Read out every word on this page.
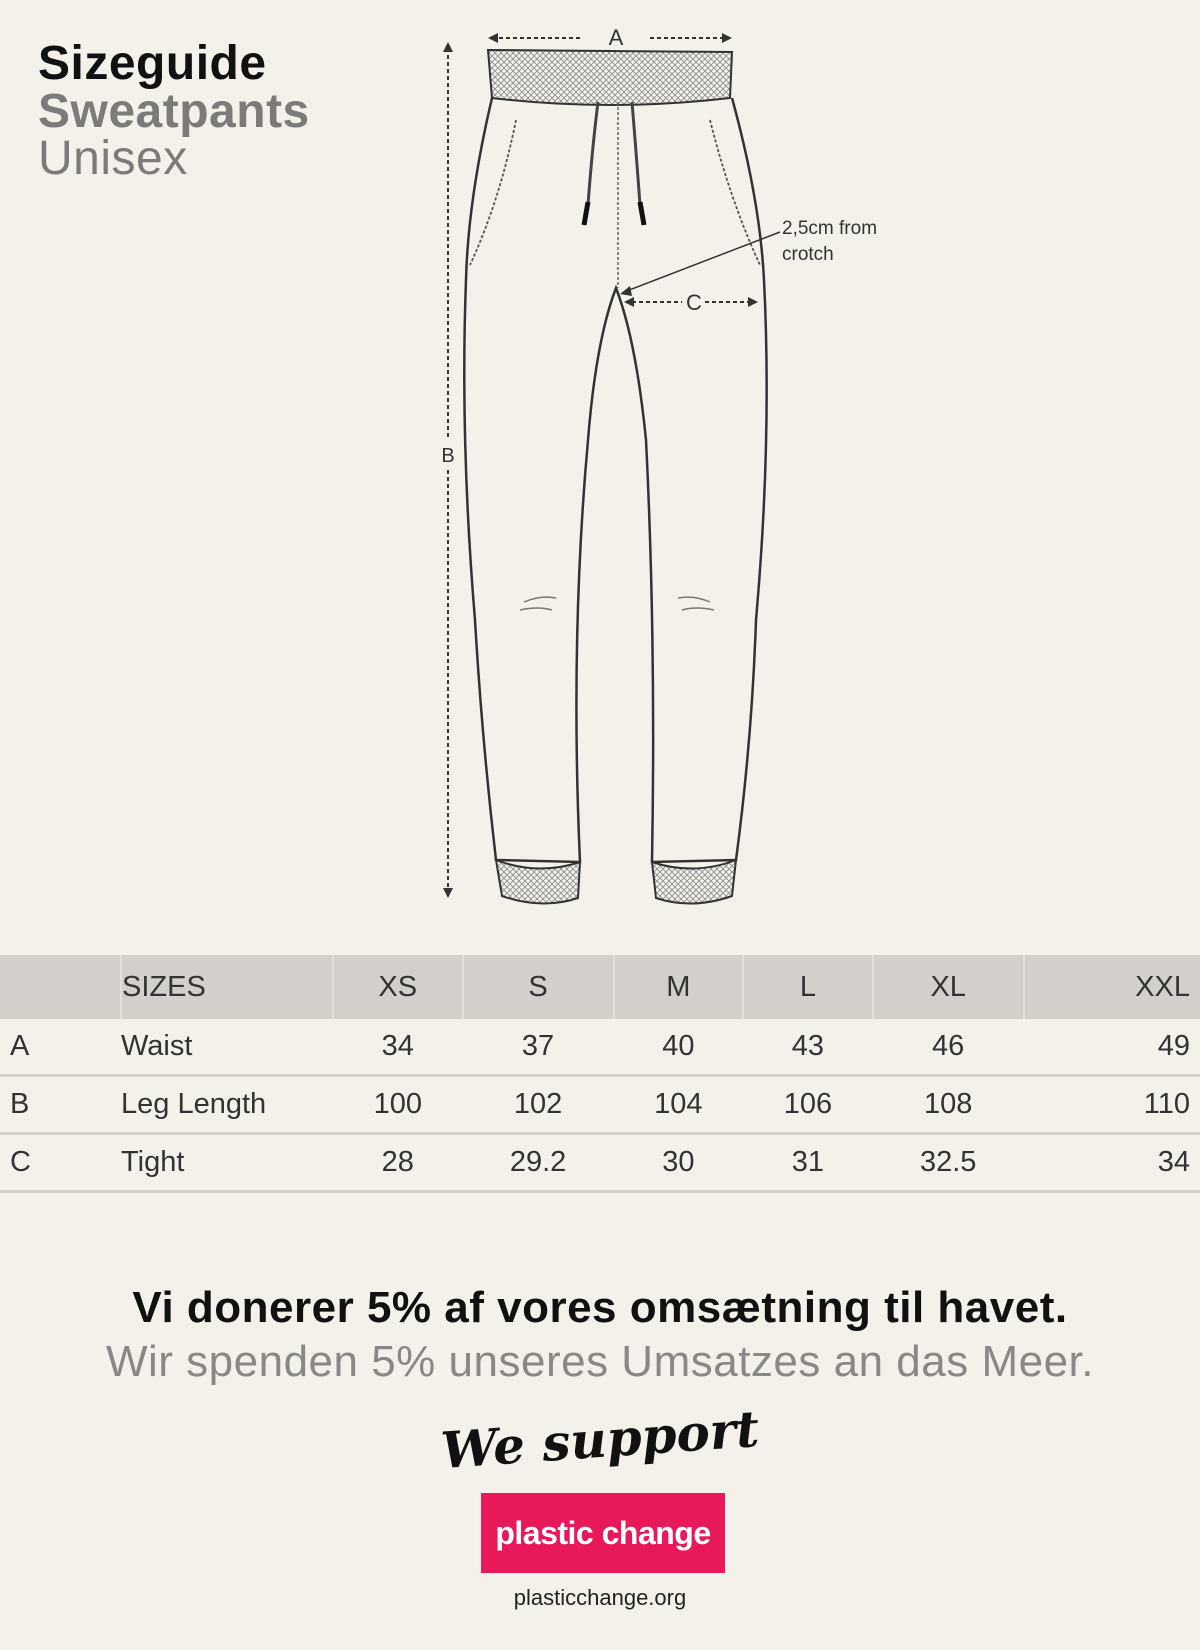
Sizeguide
Sweatpants
Unisex
A
B
C
2,5cm from
crotch
	SIZES	XS	S	M	L	XL	XXL
A	Waist	34	37	40	43	46	49
B	Leg Length	100	102	104	106	108	110
C	Tight	28	29.2	30	31	32.5	34
Vi donerer 5% af vores omsætning til havet.
Wir spenden 5% unseres Umsatzes an das Meer.
We support
plastic change
plasticchange.org
